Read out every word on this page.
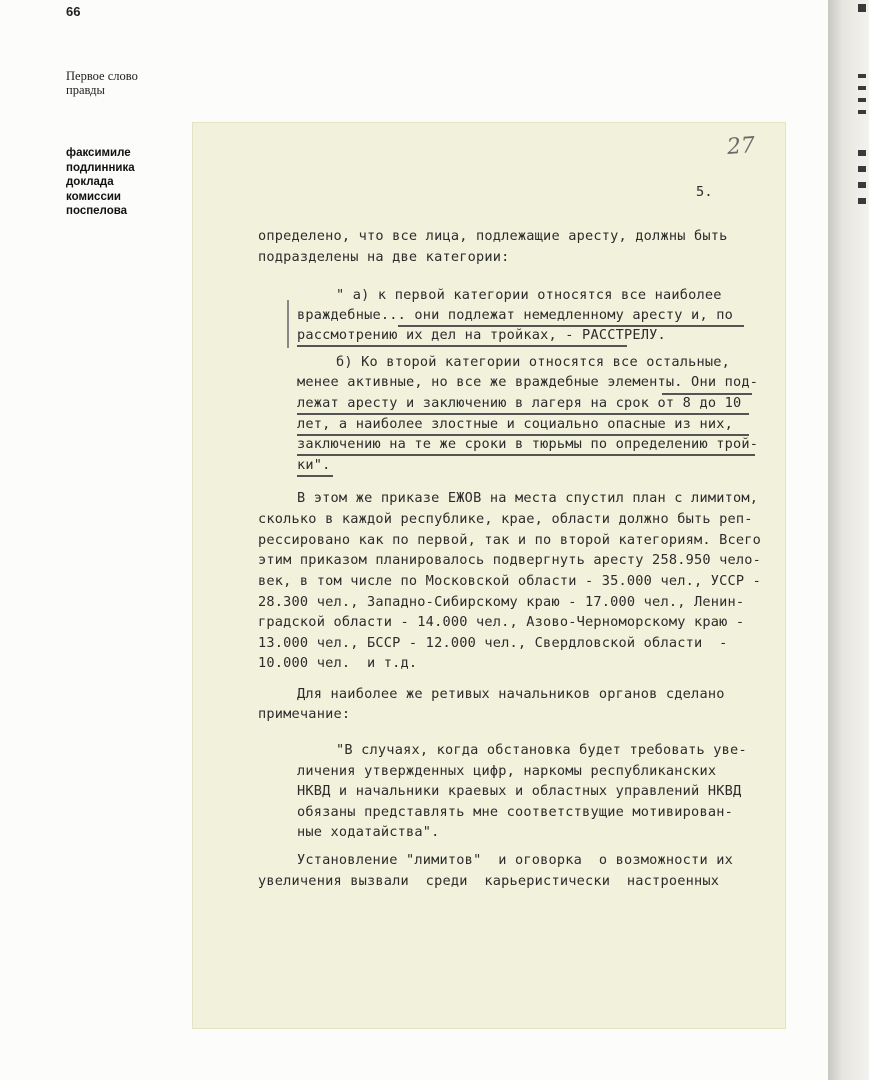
66
Первое слово правды
факсимиле подлинника доклада комиссии поспелова
27
5.
определено, что все лица, подлежащие аресту, должны быть
подразделены на две категории:
" а) к первой категории относятся все наиболее
враждебные... они подлежат немедленному аресту и, по
рассмотрению их дел на тройках, - РАССТРЕЛУ.
б) Ко второй категории относятся все остальные,
менее активные, но все же враждебные элементы. Они под-
лежат аресту и заключению в лагеря на срок от 8 до 10
лет, а наиболее злостные и социально опасные из них,
заключению на те же сроки в тюрьмы по определению трой-
ки".
В этом же приказе ЕЖОВ на места спустил план с лимитом,
сколько в каждой республике, крае, области должно быть реп-
рессировано как по первой, так и по второй категориям. Всего
этим приказом планировалось подвергнуть аресту 258.950 чело-
век, в том числе по Московской области - 35.000 чел., УССР -
28.300 чел., Западно-Сибирскому краю - 17.000 чел., Ленин-
градской области - 14.000 чел., Азово-Черноморскому краю -
13.000 чел., БССР - 12.000 чел., Свердловской области  -
10.000 чел.  и т.д.
Для наиболее же ретивых начальников органов сделано
примечание:
"В случаях, когда обстановка будет требовать уве-
личения утвержденных цифр, наркомы республиканских
НКВД и начальники краевых и областных управлений НКВД
обязаны представлять мне соответствущие мотивирован-
ные ходатайства".
Установление "лимитов"  и оговорка  о возможности их
увеличения вызвали  среди  карьеристически  настроенных
